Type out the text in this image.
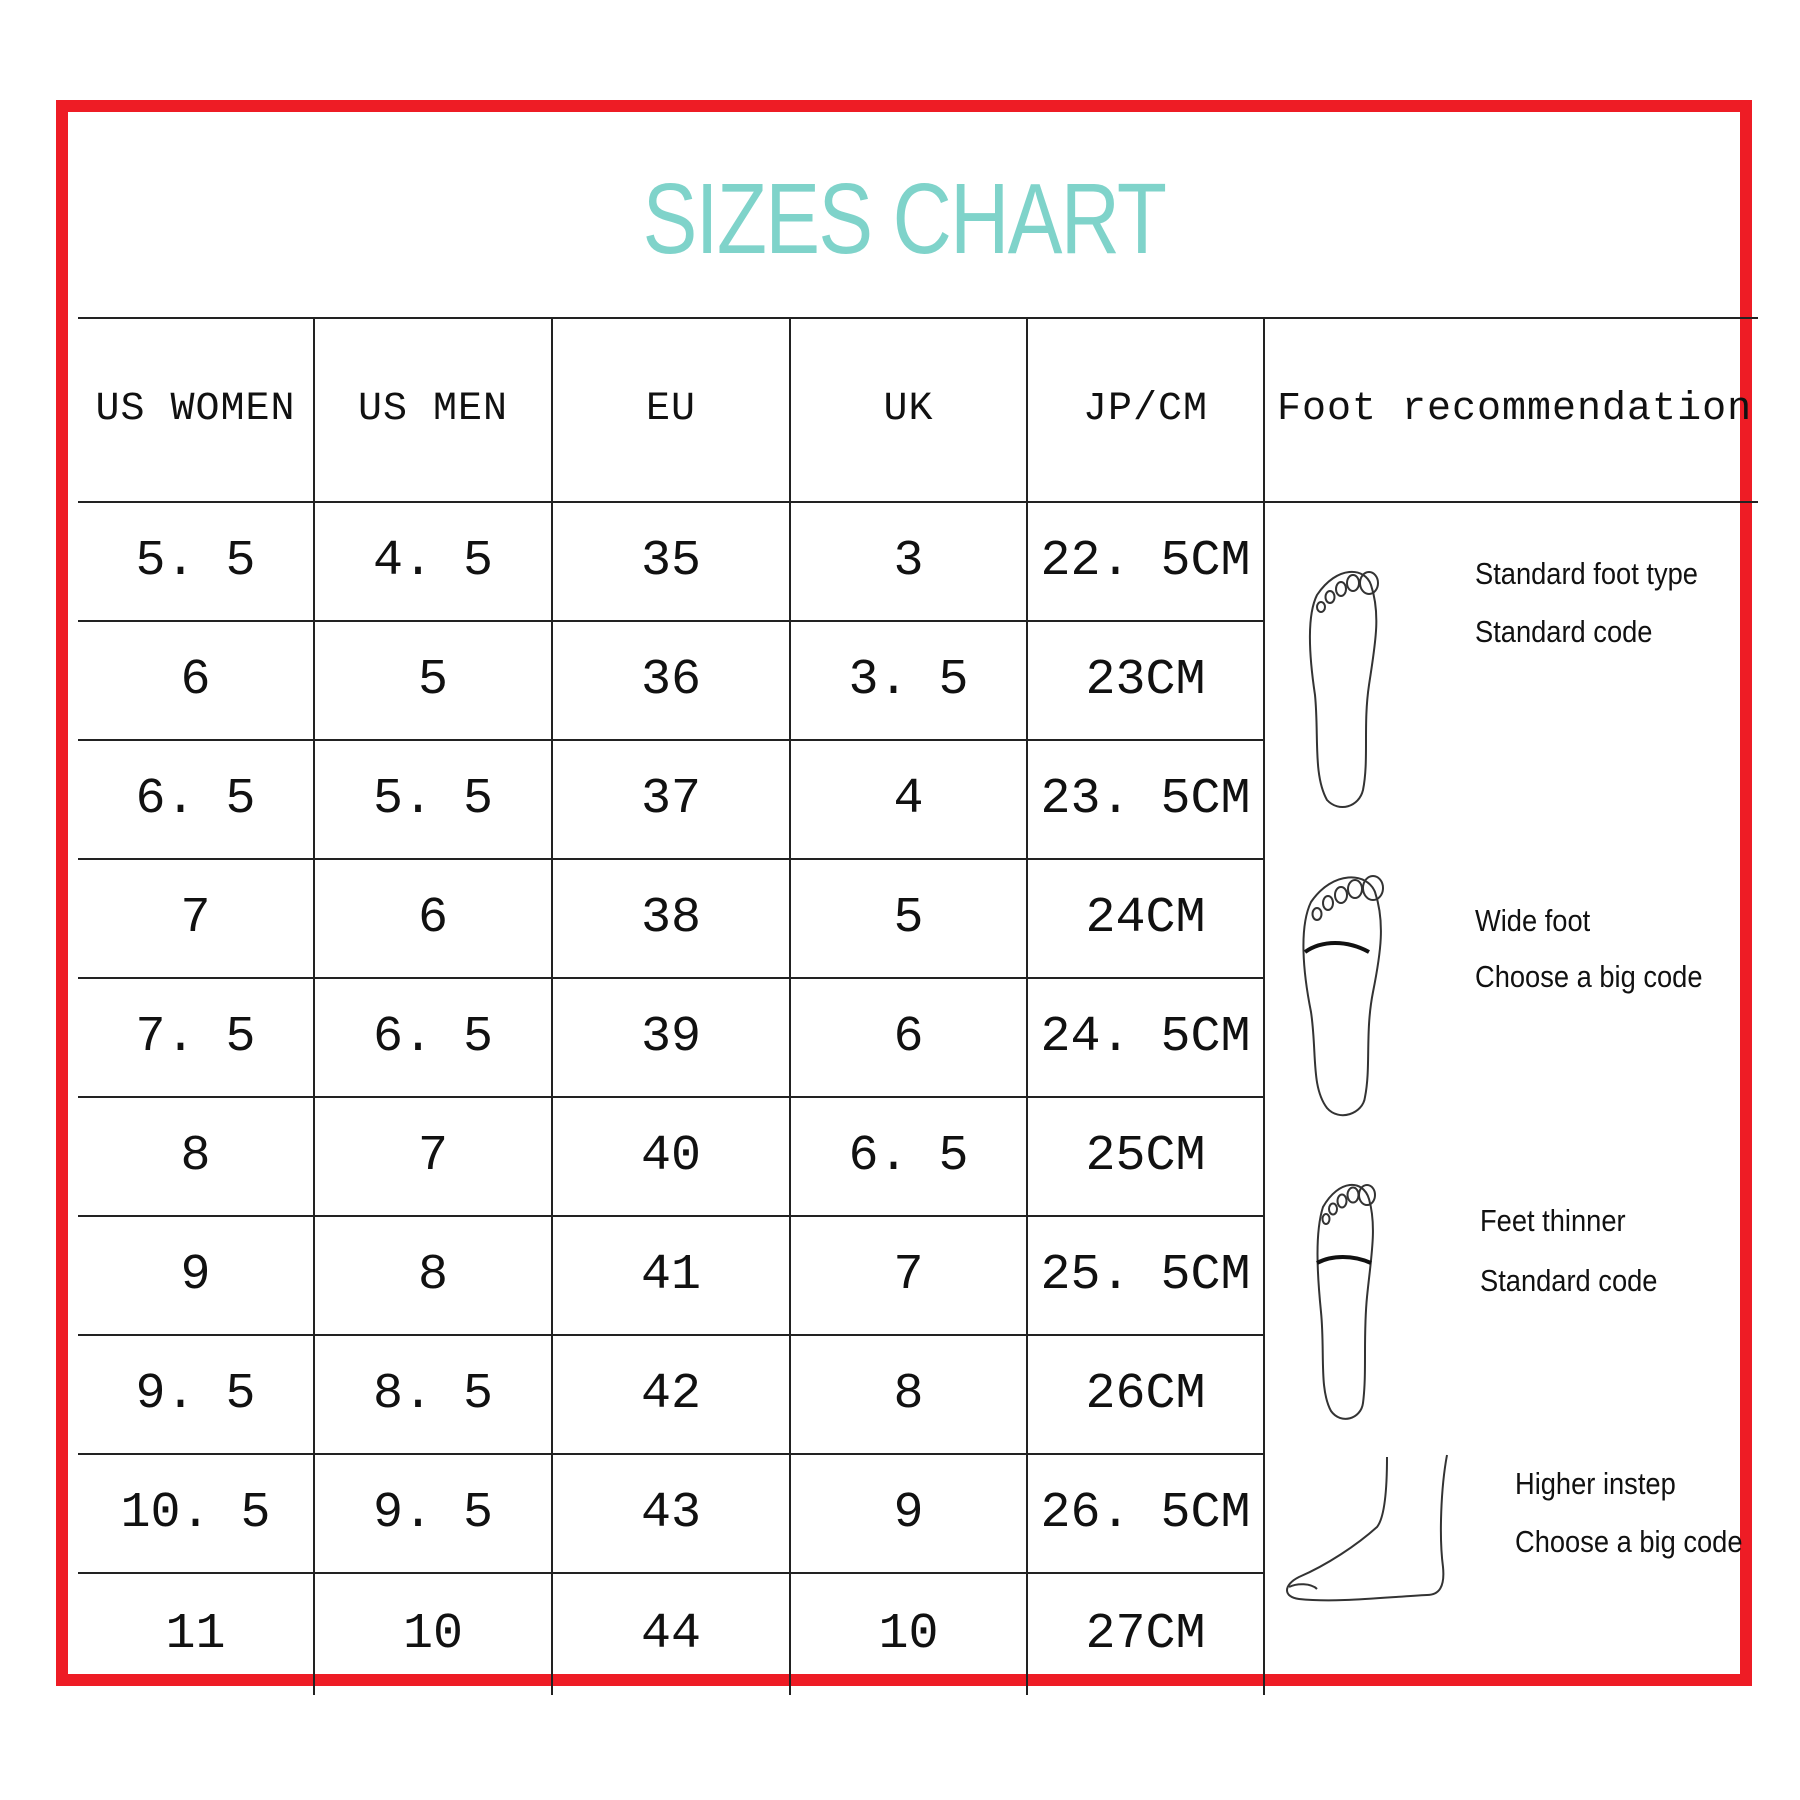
SIZES CHART
US WOMEN	US MEN	EU	UK	JP/CM
5. 5	4. 5	35	3	22. 5CM
6	5	36	3. 5	23CM
6. 5	5. 5	37	4	23. 5CM
7	6	38	5	24CM
7. 5	6. 5	39	6	24. 5CM
8	7	40	6. 5	25CM
9	8	41	7	25. 5CM
9. 5	8. 5	42	8	26CM
10. 5	9. 5	43	9	26. 5CM
11	10	44	10	27CM
Foot recommendation
Standard foot type
Standard code
Wide foot
Choose a big code
Feet thinner
Standard code
Higher instep
Choose a big code
